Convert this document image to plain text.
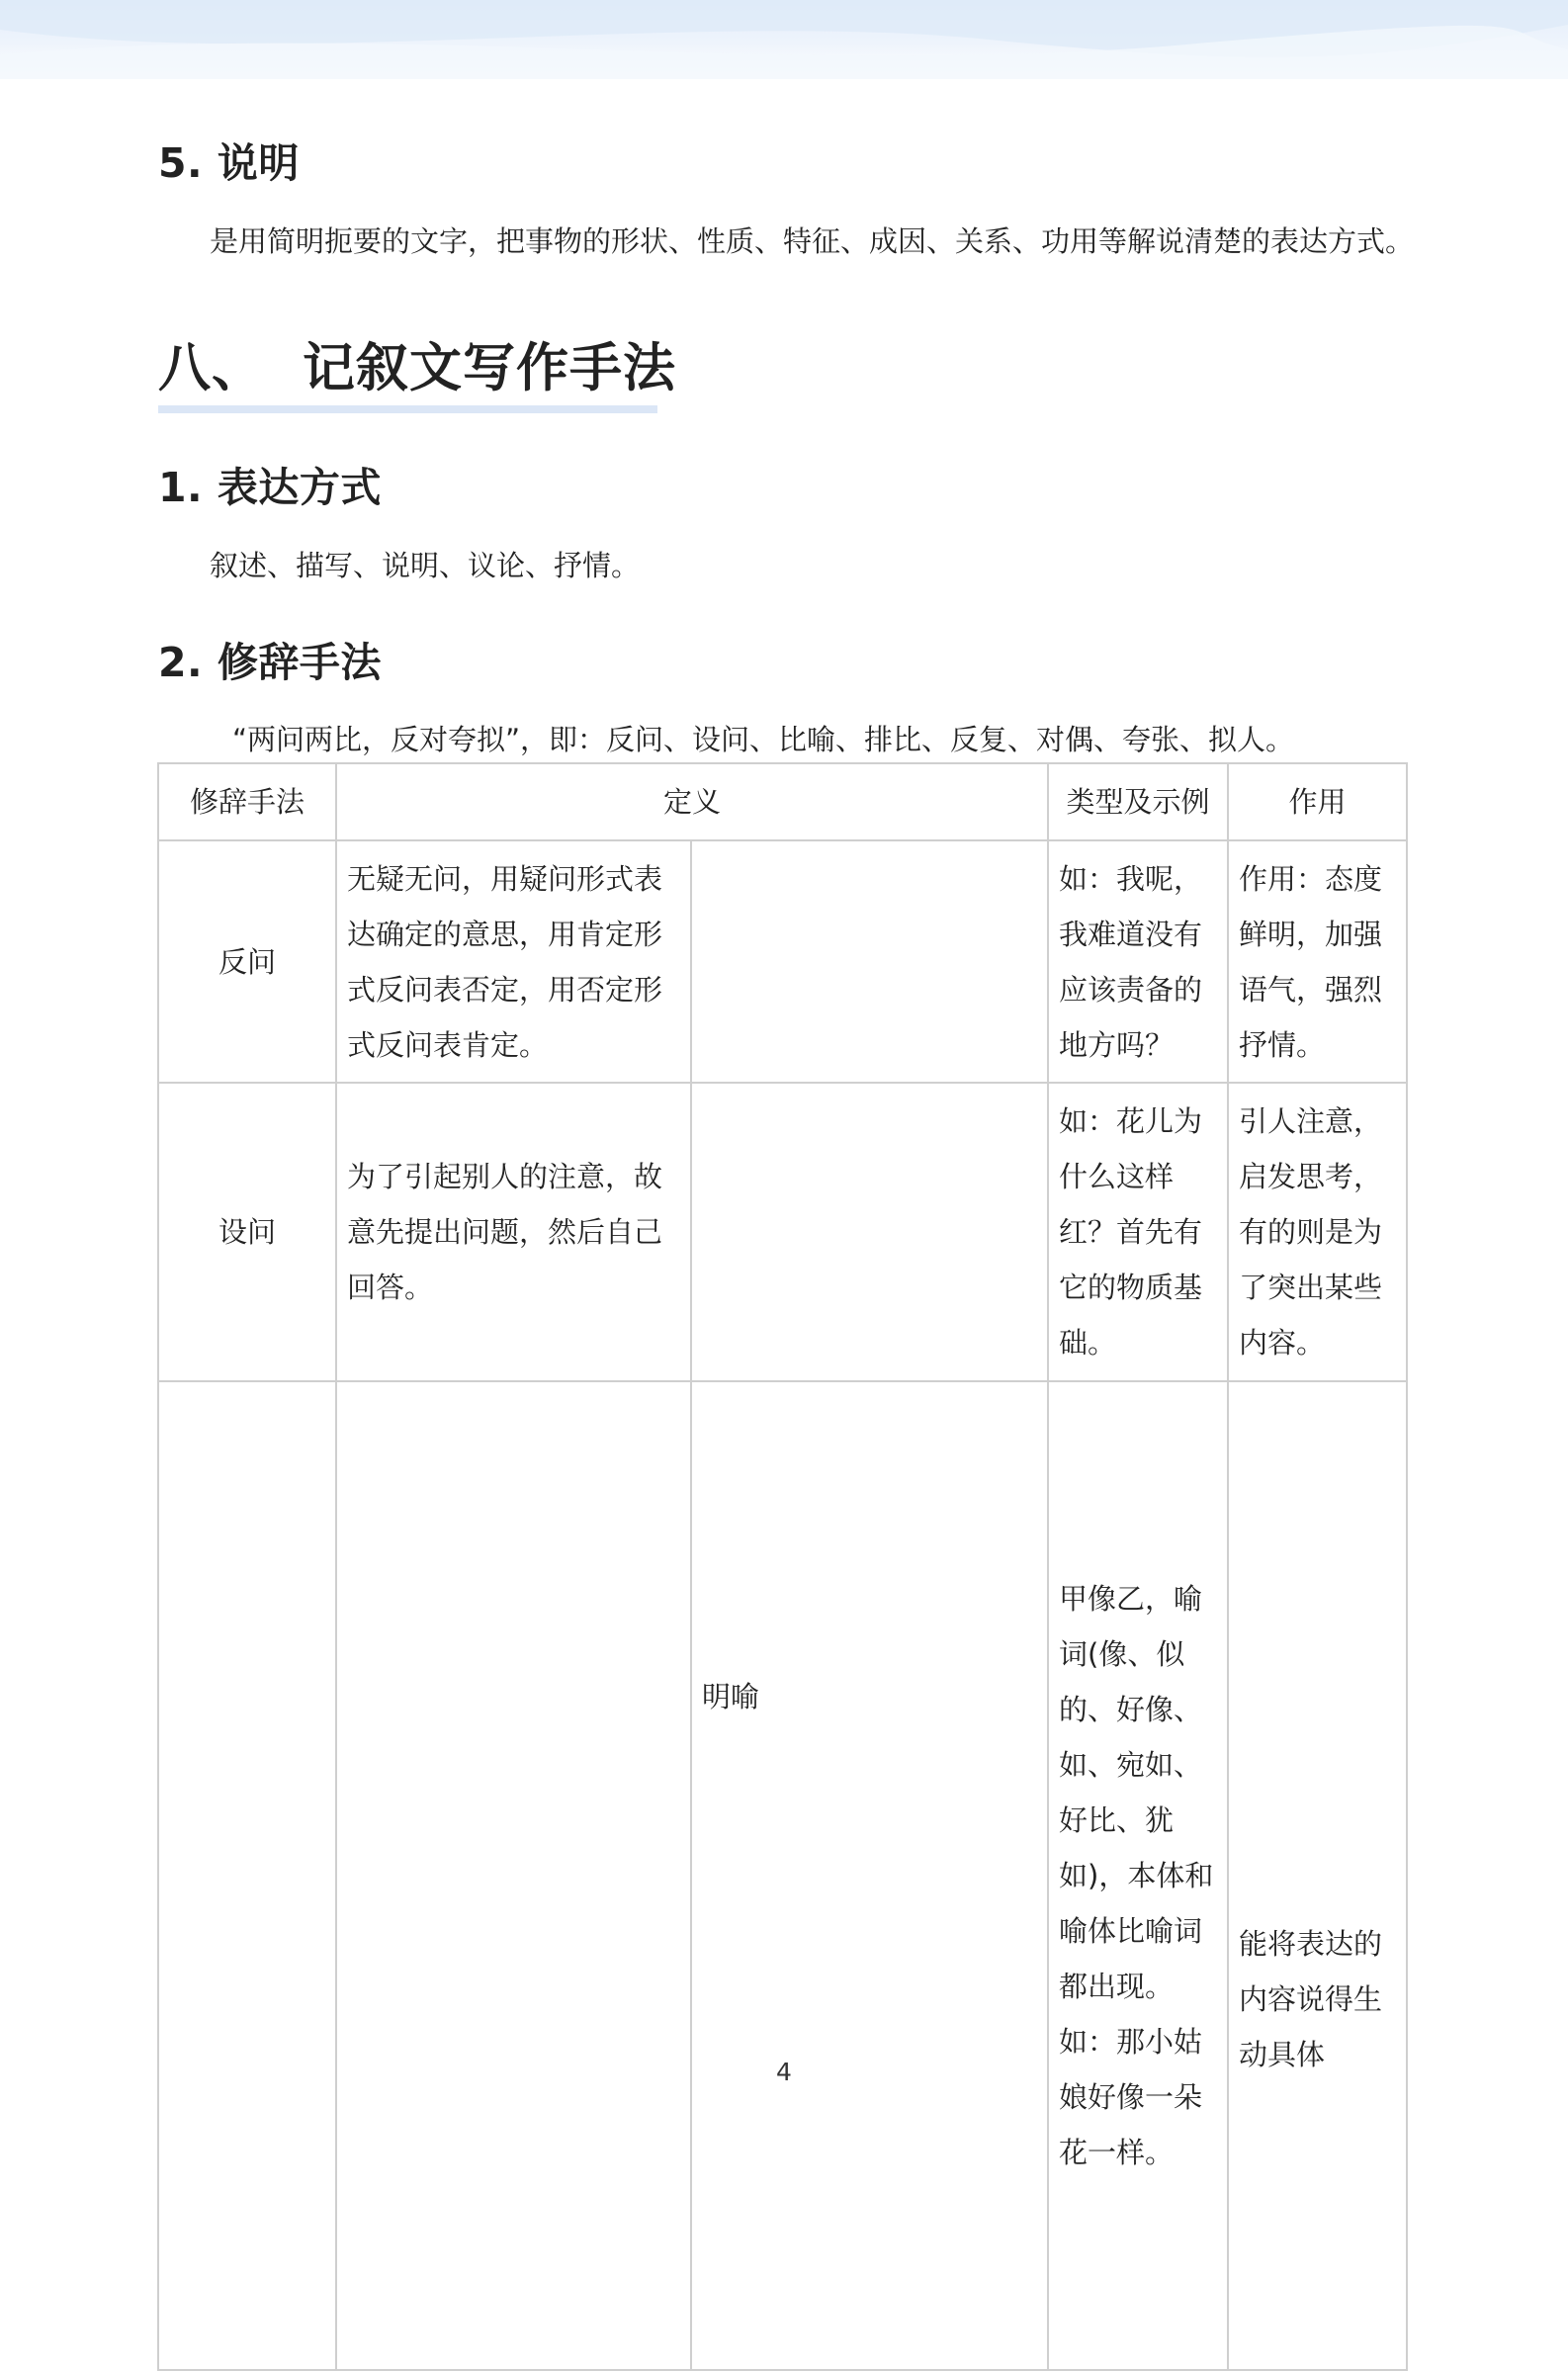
5. 说明

是用简明扼要的文字，把事物的形状、性质、特征、成因、关系、功用等解说清楚的表达方式。

八、 记叙文写作手法
1. 表达方式

叙述、描写、说明、议论、抒情。

2. 修辞手法

“两问两比，反对夸拟”，即：反问、设问、比喻、排比、反复、对偶、夸张、拟人。

修辞手法	定义		类型及示例	作用
反问	无疑无问，用疑问形式表达确定的意思，用肯定形式反问表否定，用否定形式反问表肯定。		如：我呢，我难道没有应该责备的地方吗？	作用：态度鲜明，加强语气，强烈抒情。
设问	为了引起别人的注意，故意先提出问题，然后自己回答。		如：花儿为什么这样红？首先有它的物质基础。	引人注意，启发思考，有的则是为了突出某些内容。
		明喻	甲像乙，喻词(像、似的、好像、如、宛如、好比、犹如)，本体和喻体比喻词都出现。如：那小姑娘好像一朵花一样。	能将表达的内容说得生动具体
4
